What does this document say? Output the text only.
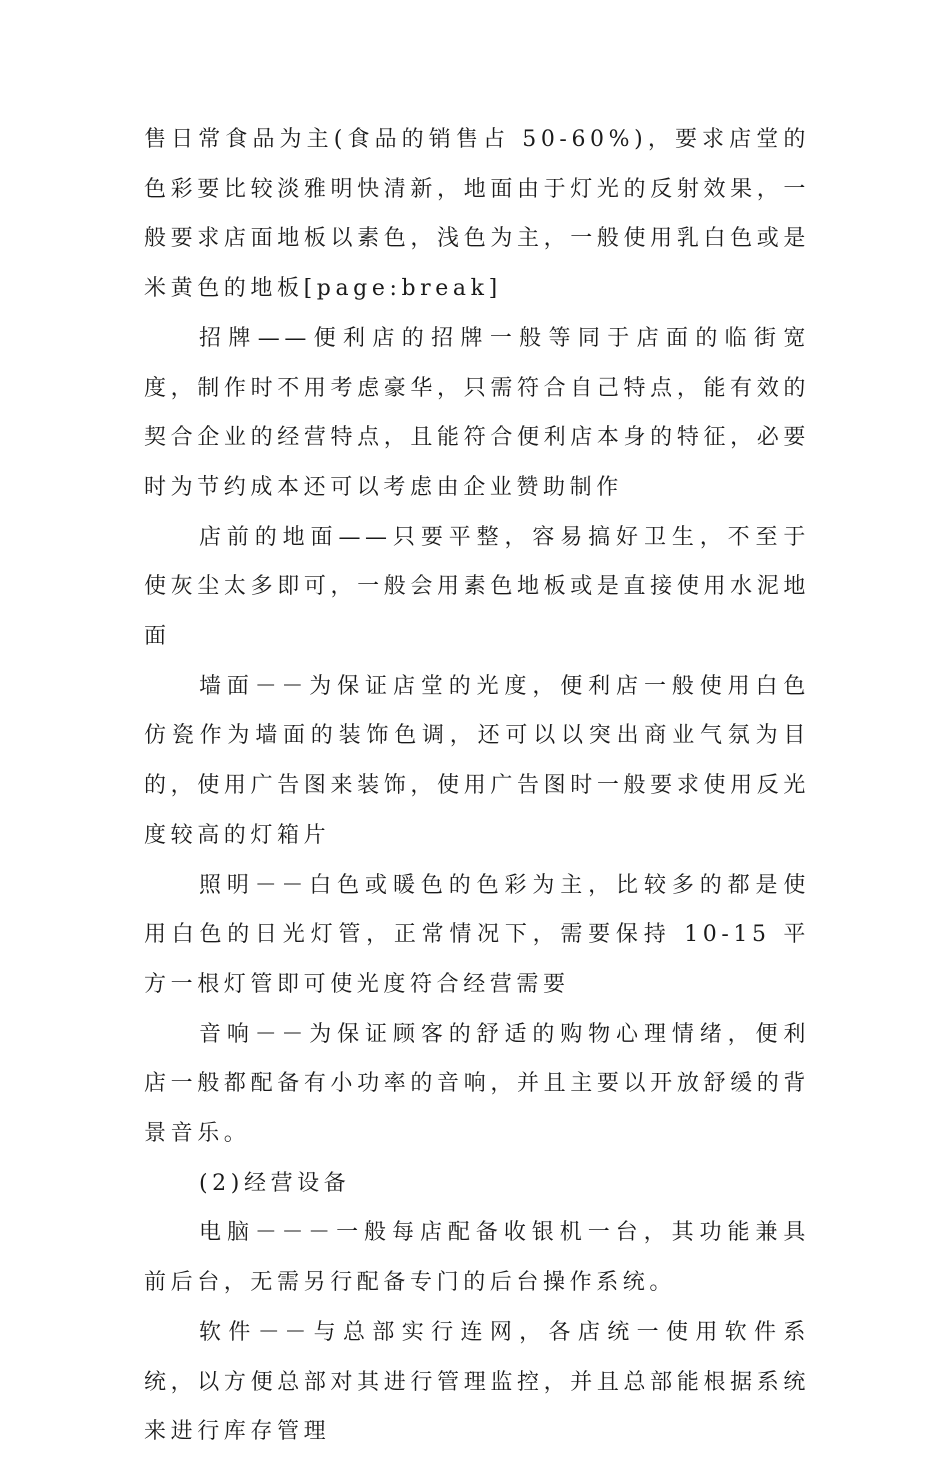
售日常食品为主(食品的销售占 50-60%)，要求店堂的色彩要比较淡雅明快清新，地面由于灯光的反射效果，一般要求店面地板以素色，浅色为主，一般使用乳白色或是米黄色的地板[page:break]

招牌——便利店的招牌一般等同于店面的临街宽度，制作时不用考虑豪华，只需符合自己特点，能有效的契合企业的经营特点，且能符合便利店本身的特征，必要时为节约成本还可以考虑由企业赞助制作

店前的地面——只要平整，容易搞好卫生，不至于使灰尘太多即可，一般会用素色地板或是直接使用水泥地面

墙面－－为保证店堂的光度，便利店一般使用白色仿瓷作为墙面的装饰色调，还可以以突出商业气氛为目的，使用广告图来装饰，使用广告图时一般要求使用反光度较高的灯箱片

照明－－白色或暖色的色彩为主，比较多的都是使用白色的日光灯管，正常情况下，需要保持 10-15 平方一根灯管即可使光度符合经营需要

音响－－为保证顾客的舒适的购物心理情绪，便利店一般都配备有小功率的音响，并且主要以开放舒缓的背景音乐。

(2)经营设备

电脑－－－一般每店配备收银机一台，其功能兼具前后台，无需另行配备专门的后台操作系统。

软件－－与总部实行连网，各店统一使用软件系统，以方便总部对其进行管理监控，并且总部能根据系统来进行库存管理
